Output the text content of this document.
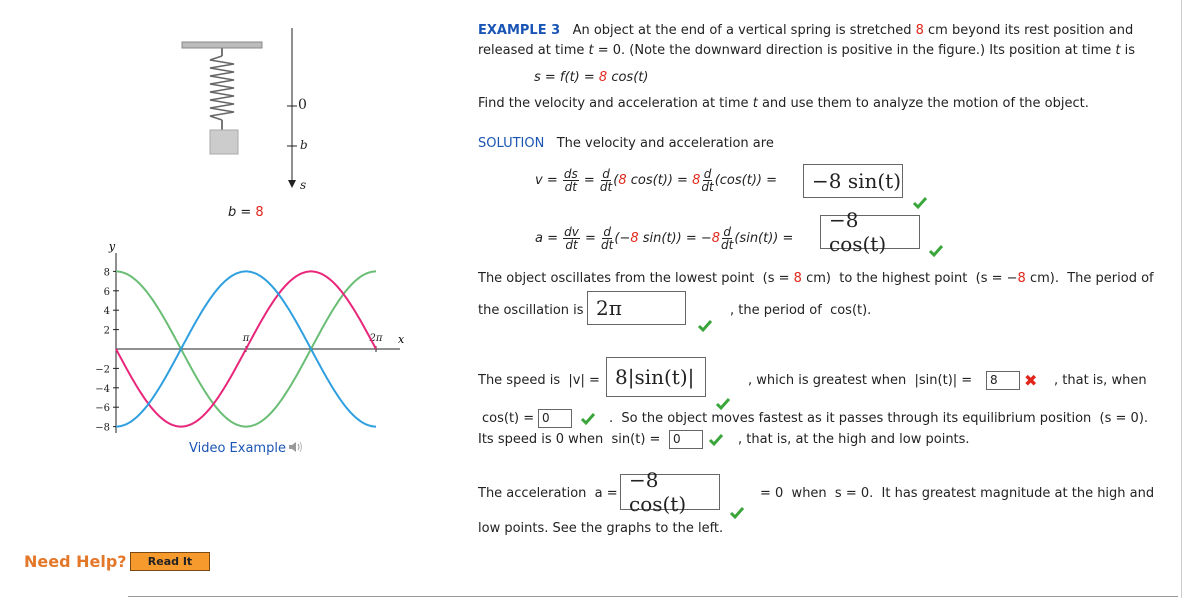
0
b
s
b = 8
8
6
4
2
−2
−4
−6
−8
π	2π
y
x
Video Example
Need Help?	Read It
EXAMPLE 3 An object at the end of a vertical spring is stretched 8 cm beyond its rest position and
released at time t = 0. (Note the downward direction is positive in the figure.) Its position at time t is
s = f(t) = 8 cos(t)
Find the velocity and acceleration at time t and use them to analyze the motion of the object.
SOLUTION The velocity and acceleration are
v =
$\frac{ds}{dt}$
=
$\frac{d}{dt}$ ( 8 $\cos(t)) = 8 \frac{d}{dt} (\cos(t))$ =	−8 sin(t)
a =
$\frac{dv}{dt}$
=
$\frac{d}{dt}$ (− 8 sin(t)) = − $8 \frac{d}{dt} (\sin(t))$ =
−8 cos(t)
The object oscillates from the lowest point  (s = 8 cm)  to the highest point  (s = −8 cm).  The period of
the oscillation is 2π	, the period of  cos(t).
The speed is  |v| = 8|sin(t)|	, which is greatest when  |sin(t)| =	8	✖ , that is, when
cos(t) = 0	.  So the object moves fastest as it passes through its equilibrium position  (s = 0).
Its speed is 0 when  sin(t) =	0	, that is, at the high and low points.
The acceleration  a =
−8 cos(t)	= 0  when  s = 0.  It has greatest magnitude at the high and
low points. See the graphs to the left.
